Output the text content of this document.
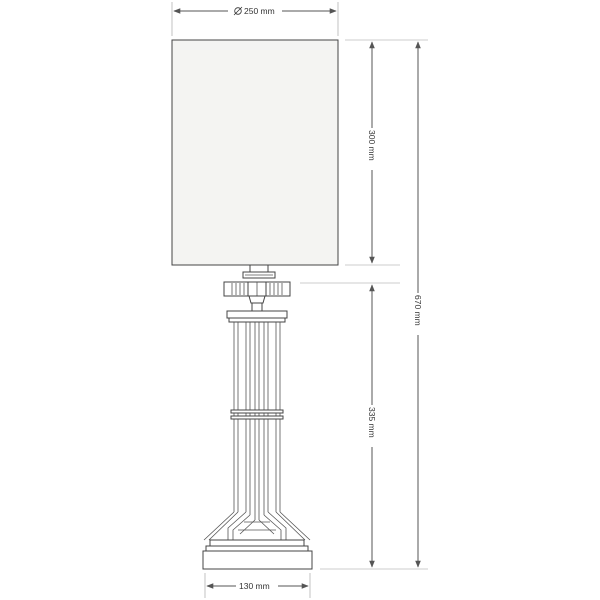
250 mm
300 mm
335 mm
670 mm
130 mm
